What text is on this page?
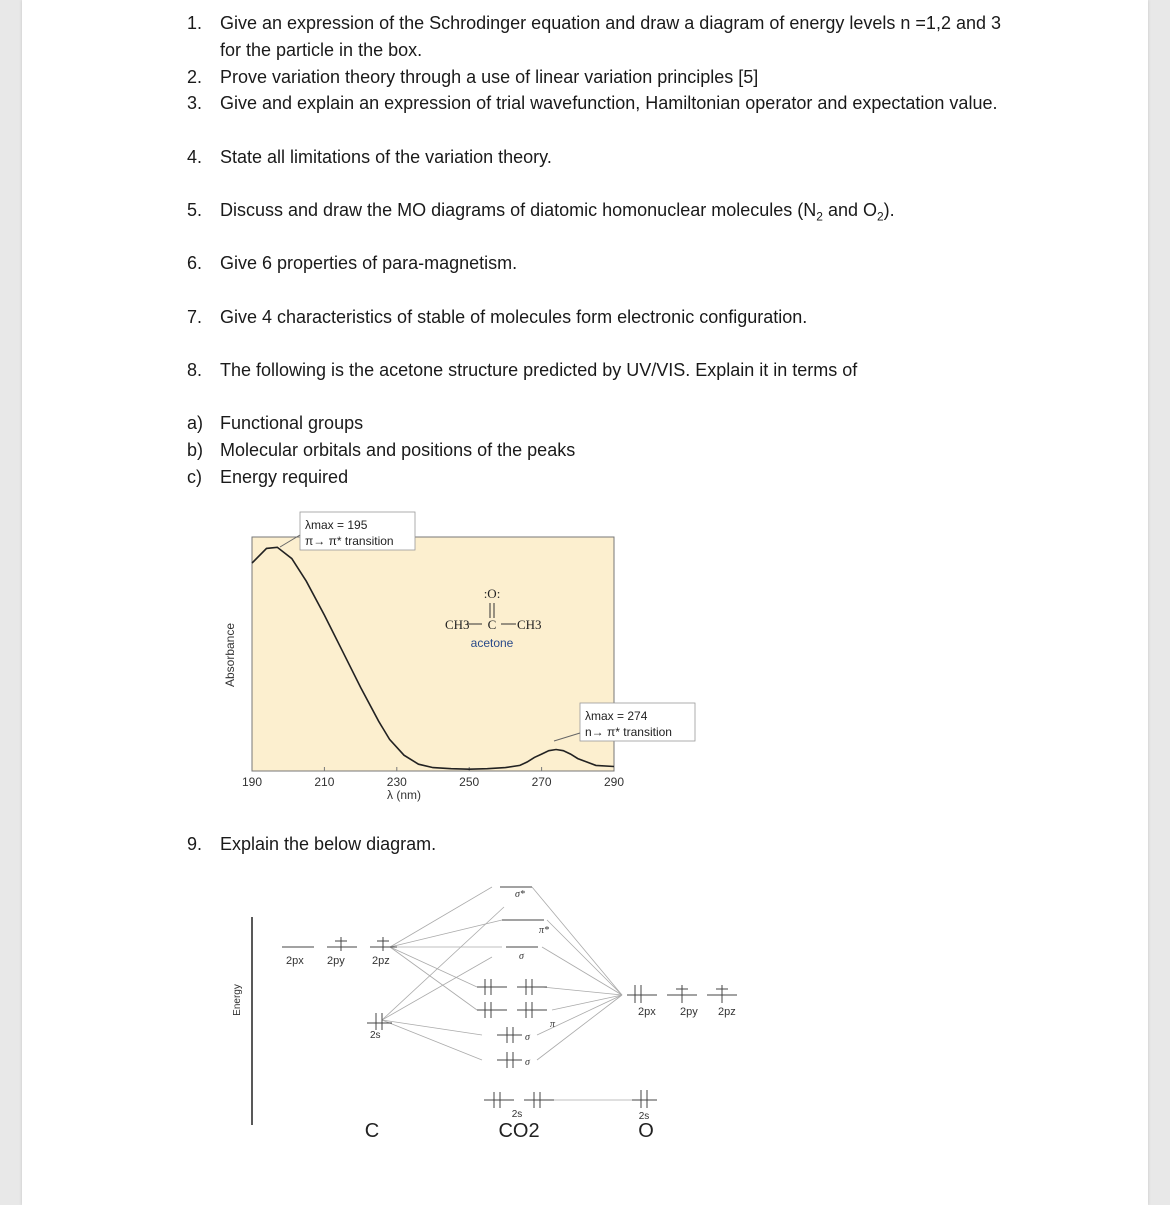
1. Give an expression of the Schrodinger equation and draw a diagram of energy levels n =1,2 and 3 for the particle in the box.
2. Prove variation theory through a use of linear variation principles [5]
3. Give and explain an expression of trial wavefunction, Hamiltonian operator and expectation value.
4. State all limitations of the variation theory.
5. Discuss and draw the MO diagrams of diatomic homonuclear molecules ($N_2$ and $O_2$).
6. Give 6 properties of para-magnetism.
7. Give 4 characteristics of stable of molecules form electronic configuration.
8. The following is the acetone structure predicted by UV/VIS. Explain it in terms of
a) Functional groups
b) Molecular orbitals and positions of the peaks
c) Energy required
Absorbance
190	210	230	250	270	290
λ (nm)
λmax = 195
π→ π* transition
λmax = 274
n→ π* transition
:O:
CH3 C CH3
acetone
9. Explain the below diagram.
Energy
2px 2py 2pz
2s
C
σ*
π*
σ
π
σ
σ
2s
CO2
2px 2py 2pz
2s
O
